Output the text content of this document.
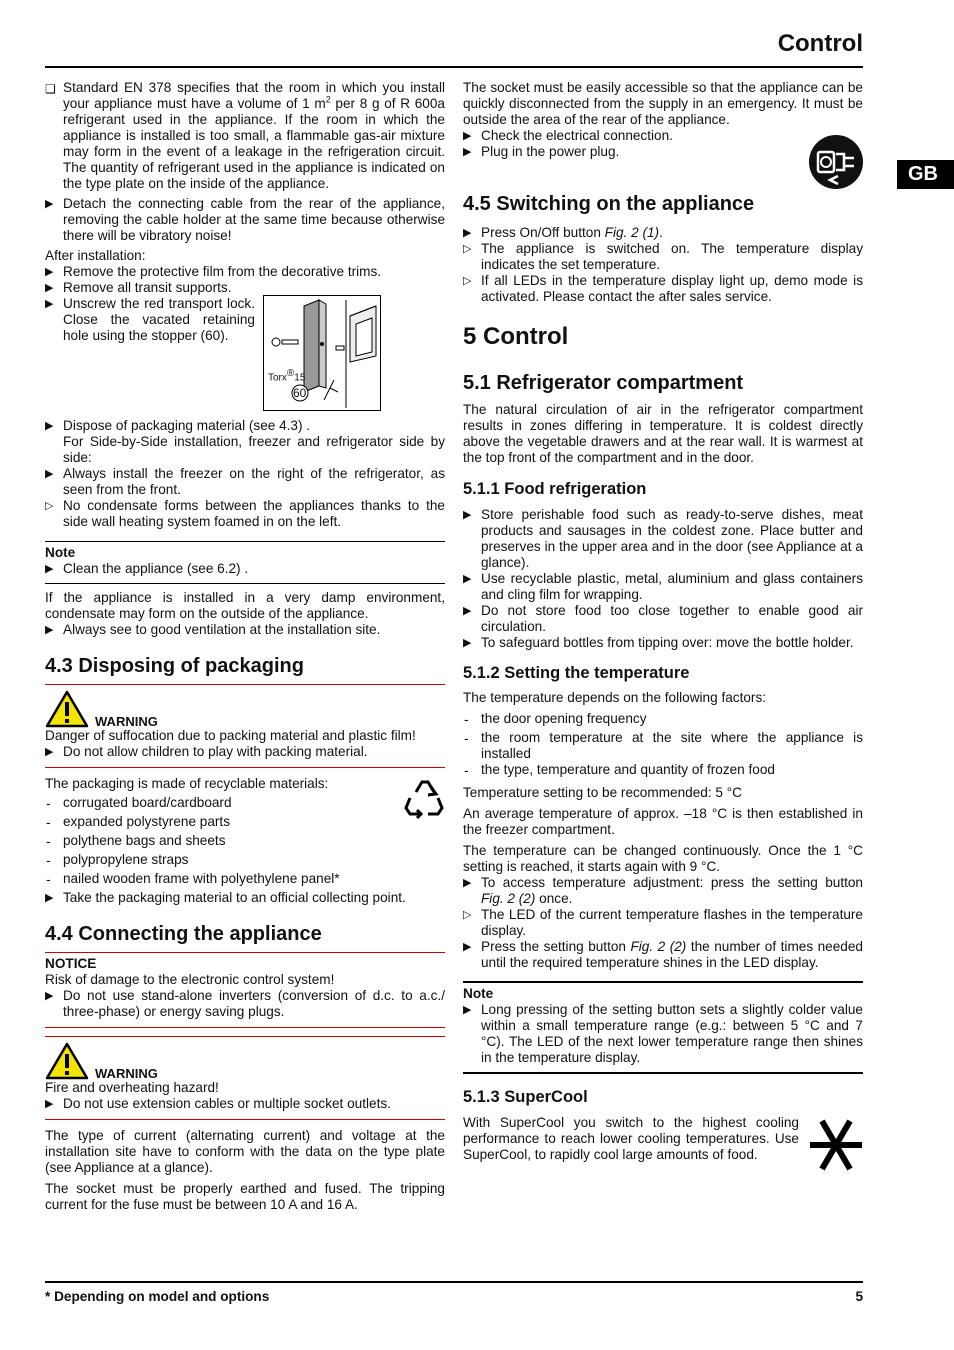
Control
GB
❏ Standard EN 378 specifies that the room in which you install your appliance must have a volume of 1 $m^2$ per 8 g of R 600a refrigerant used in the appliance. If the room in which the appliance is installed is too small, a flammable gas-air mixture may form in the event of a leakage in the refrigeration circuit. The quantity of refrigerant used in the appliance is indicated on the type plate on the inside of the appliance.
▶ Detach the connecting cable from the rear of the appliance, removing the cable holder at the same time because otherwise there will be vibratory noise!

After installation:

▶ Remove the protective film from the decorative trims.
▶ Remove all transit supports.
▶ Unscrew the red transport lock. Close the vacated retaining hole using the stopper (60).
Torx®15
60
▶ Dispose of packaging material (see 4.3) .
For Side-by-Side installation, freezer and refrigerator side by side:
▶ Always install the freezer on the right of the refrigerator, as seen from the front.
▷ No condensate forms between the appliances thanks to the side wall heating system foamed in on the left.
Note
▶ Clean the appliance (see 6.2) .

If the appliance is installed in a very damp environment, condensate may form on the outside of the appliance.

▶ Always see to good ventilation at the installation site.
4.3 Disposing of packaging
WARNING

Danger of suffocation due to packing material and plastic film!

▶ Do not allow children to play with packing material.

The packaging is made of recyclable materials:

- corrugated board/cardboard
- expanded polystyrene parts
- polythene bags and sheets
- polypropylene straps
- nailed wooden frame with polyethylene panel*
▶ Take the packaging material to an official collecting point.
4.4 Connecting the appliance
NOTICE

Risk of damage to the electronic control system!

▶ Do not use stand-alone inverters (conversion of d.c. to a.c./ three-phase) or energy saving plugs.
WARNING

Fire and overheating hazard!

▶ Do not use extension cables or multiple socket outlets.

The type of current (alternating current) and voltage at the installation site have to conform with the data on the type plate (see Appliance at a glance).

The socket must be properly earthed and fused. The tripping current for the fuse must be between 10 A and 16 A.

The socket must be easily accessible so that the appliance can be quickly disconnected from the supply in an emergency. It must be outside the area of the rear of the appliance.

▶ Check the electrical connection.
▶ Plug in the power plug.
4.5 Switching on the appliance
▶ Press On/Off button Fig. 2 (1).
▷ The appliance is switched on. The temperature display indicates the set temperature.
▷ If all LEDs in the temperature display light up, demo mode is activated. Please contact the after sales service.
5 Control
5.1 Refrigerator compartment

The natural circulation of air in the refrigerator compartment results in zones differing in temperature. It is coldest directly above the vegetable drawers and at the rear wall. It is warmest at the top front of the compartment and in the door.

5.1.1 Food refrigeration
▶ Store perishable food such as ready-to-serve dishes, meat products and sausages in the coldest zone. Place butter and preserves in the upper area and in the door (see Appliance at a glance).
▶ Use recyclable plastic, metal, aluminium and glass containers and cling film for wrapping.
▶ Do not store food too close together to enable good air circulation.
▶ To safeguard bottles from tipping over: move the bottle holder.
5.1.2 Setting the temperature

The temperature depends on the following factors:

- the door opening frequency
- the room temperature at the site where the appliance is installed
- the type, temperature and quantity of frozen food

Temperature setting to be recommended: 5 °C

An average temperature of approx. –18 °C is then established in the freezer compartment.

The temperature can be changed continuously. Once the 1 °C setting is reached, it starts again with 9 °C.

▶ To access temperature adjustment: press the setting button Fig. 2 (2) once.
▷ The LED of the current temperature flashes in the temperature display.
▶ Press the setting button Fig. 2 (2) the number of times needed until the required temperature shines in the LED display.
Note
▶ Long pressing of the setting button sets a slightly colder value within a small temperature range (e.g.: between 5 °C and 7 °C). The LED of the next lower temperature range then shines in the temperature display.
5.1.3 SuperCool

With SuperCool you switch to the highest cooling performance to reach lower cooling temperatures. Use SuperCool, to rapidly cool large amounts of food.

* Depending on model and options	5
